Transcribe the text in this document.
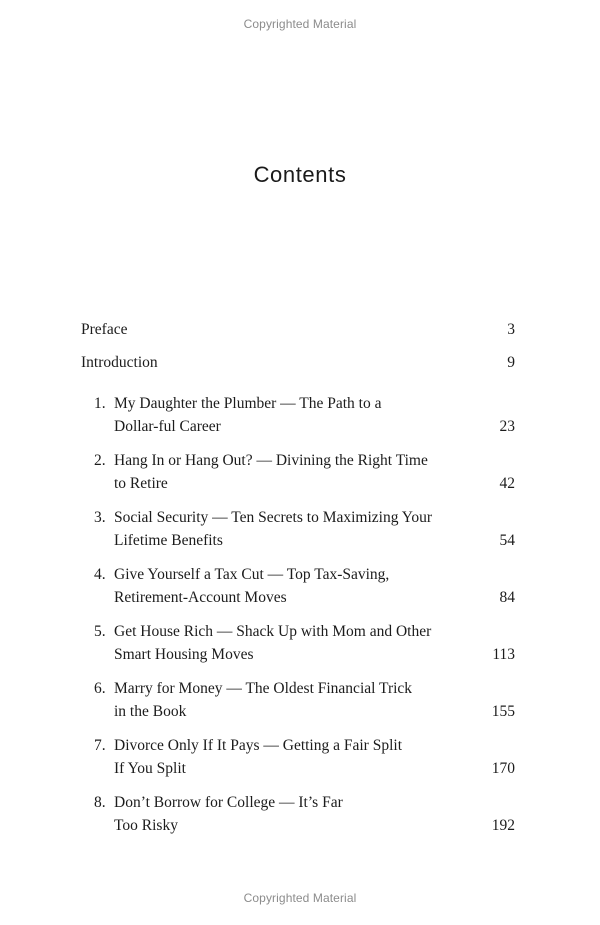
Copyrighted Material
Contents
Preface	3
Introduction	9
1. My Daughter the Plumber — The Path to a
Dollar-ful Career	23
2. Hang In or Hang Out? — Divining the Right Time
to Retire	42
3. Social Security — Ten Secrets to Maximizing Your
Lifetime Benefits	54
4. Give Yourself a Tax Cut — Top Tax-Saving,
Retirement-Account Moves	84
5. Get House Rich — Shack Up with Mom and Other
Smart Housing Moves	113
6. Marry for Money — The Oldest Financial Trick
in the Book	155
7. Divorce Only If It Pays — Getting a Fair Split
If You Split	170
8. Don’t Borrow for College — It’s Far
Too Risky	192
Copyrighted Material
